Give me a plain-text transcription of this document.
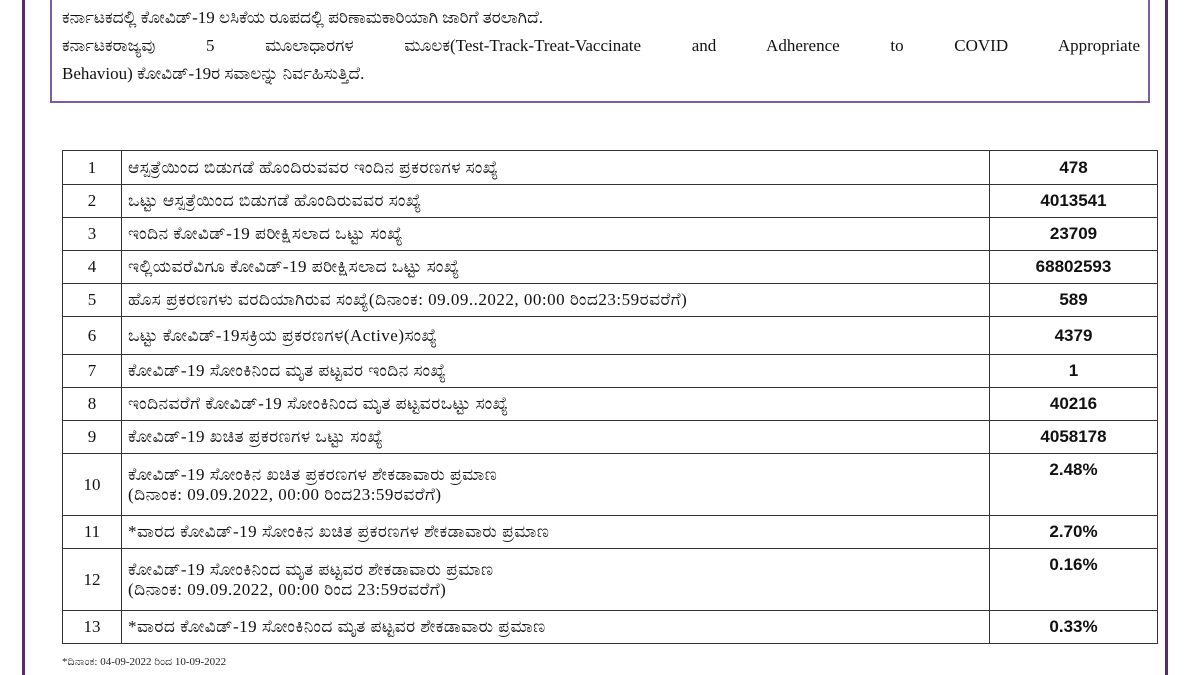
ಕರ್ನಾಟಕದಲ್ಲಿ ಕೋವಿಡ್-19 ಲಸಿಕೆಯ ರೂಪದಲ್ಲಿ ಪರಿಣಾಮಕಾರಿಯಾಗಿ ಜಾರಿಗೆ ತರಲಾಗಿದೆ.
ಕರ್ನಾಟಕರಾಜ್ಯವು 5 ಮೂಲಾಧಾರಗಳ ಮೂಲಕ(Test-Track-Treat-Vaccinate and Adherence to COVID Appropriate
Behaviou) ಕೋವಿಡ್-19ರ ಸವಾಲನ್ನು ನಿರ್ವಹಿಸುತ್ತಿದೆ.
1	ಆಸ್ಪತ್ರೆಯಿಂದ ಬಿಡುಗಡೆ ಹೊಂದಿರುವವರ ಇಂದಿನ ಪ್ರಕರಣಗಳ ಸಂಖ್ಯೆ	478
2	ಒಟ್ಟು ಆಸ್ಪತ್ರೆಯಿಂದ ಬಿಡುಗಡೆ ಹೊಂದಿರುವವರ ಸಂಖ್ಯೆ	4013541
3	ಇಂದಿನ ಕೋವಿಡ್-19 ಪರೀಕ್ಷಿಸಲಾದ ಒಟ್ಟು ಸಂಖ್ಯೆ	23709
4	ಇಲ್ಲಿಯವರೆವಿಗೂ ಕೋವಿಡ್-19 ಪರೀಕ್ಷಿಸಲಾದ ಒಟ್ಟು ಸಂಖ್ಯೆ	68802593
5	ಹೊಸ ಪ್ರಕರಣಗಳು ವರದಿಯಾಗಿರುವ ಸಂಖ್ಯೆ(ದಿನಾಂಕ: 09.09..2022, 00:00 ರಿಂದ23:59ರವರೆಗೆ)	589
6	ಒಟ್ಟು ಕೋವಿಡ್-19ಸಕ್ರಿಯ ಪ್ರಕರಣಗಳ(Active)ಸಂಖ್ಯೆ	4379
7	ಕೋವಿಡ್-19 ಸೋಂಕಿನಿಂದ ಮೃತ ಪಟ್ಟವರ ಇಂದಿನ ಸಂಖ್ಯೆ	1
8	ಇಂದಿನವರೆಗೆ ಕೋವಿಡ್-19 ಸೋಂಕಿನಿಂದ ಮೃತ ಪಟ್ಟವರಒಟ್ಟು ಸಂಖ್ಯೆ	40216
9	ಕೋವಿಡ್-19 ಖಚಿತ ಪ್ರಕರಣಗಳ ಒಟ್ಟು ಸಂಖ್ಯೆ	4058178
10	ಕೋವಿಡ್-19 ಸೋಂಕಿನ ಖಚಿತ ಪ್ರಕರಣಗಳ ಶೇಕಡಾವಾರು ಪ್ರಮಾಣ
(ದಿನಾಂಕ: 09.09.2022, 00:00 ರಿಂದ23:59ರವರೆಗೆ)	2.48%
11	*ವಾರದ ಕೋವಿಡ್-19 ಸೋಂಕಿನ ಖಚಿತ ಪ್ರಕರಣಗಳ ಶೇಕಡಾವಾರು ಪ್ರಮಾಣ	2.70%
12	ಕೋವಿಡ್-19 ಸೋಂಕಿನಿಂದ ಮೃತ ಪಟ್ಟವರ ಶೇಕಡಾವಾರು ಪ್ರಮಾಣ
(ದಿನಾಂಕ: 09.09.2022, 00:00 ರಿಂದ 23:59ರವರೆಗೆ)	0.16%
13	*ವಾರದ ಕೋವಿಡ್-19 ಸೋಂಕಿನಿಂದ ಮೃತ ಪಟ್ಟವರ ಶೇಕಡಾವಾರು ಪ್ರಮಾಣ	0.33%
*ದಿನಾಂಕ: 04-09-2022 ರಿಂದ 10-09-2022
